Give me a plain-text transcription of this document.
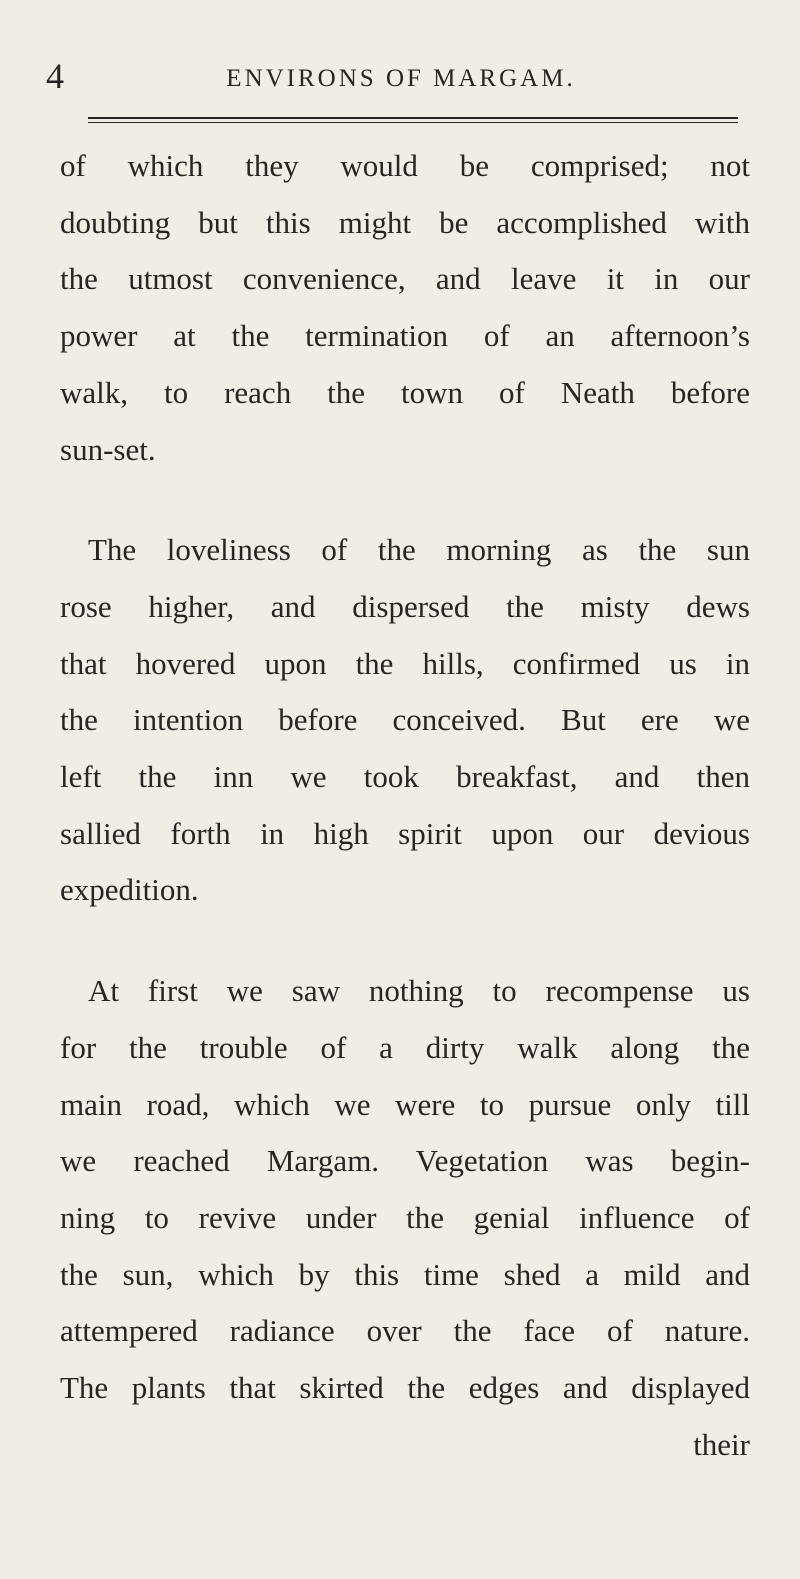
4	ENVIRONS OF MARGAM.
of which they would be comprised; not
doubting but this might be accomplished with
the utmost convenience, and leave it in our
power at the termination of an afternoon’s
walk, to reach the town of Neath before
sun-set.
The loveliness of the morning as the sun
rose higher, and dispersed the misty dews
that hovered upon the hills, confirmed us in
the intention before conceived. But ere we
left the inn we took breakfast, and then
sallied forth in high spirit upon our devious
expedition.
At first we saw nothing to recompense us
for the trouble of a dirty walk along the
main road, which we were to pursue only till
we reached Margam. Vegetation was begin-
ning to revive under the genial influence of
the sun, which by this time shed a mild and
attempered radiance over the face of nature.
The plants that skirted the edges and displayed
their
